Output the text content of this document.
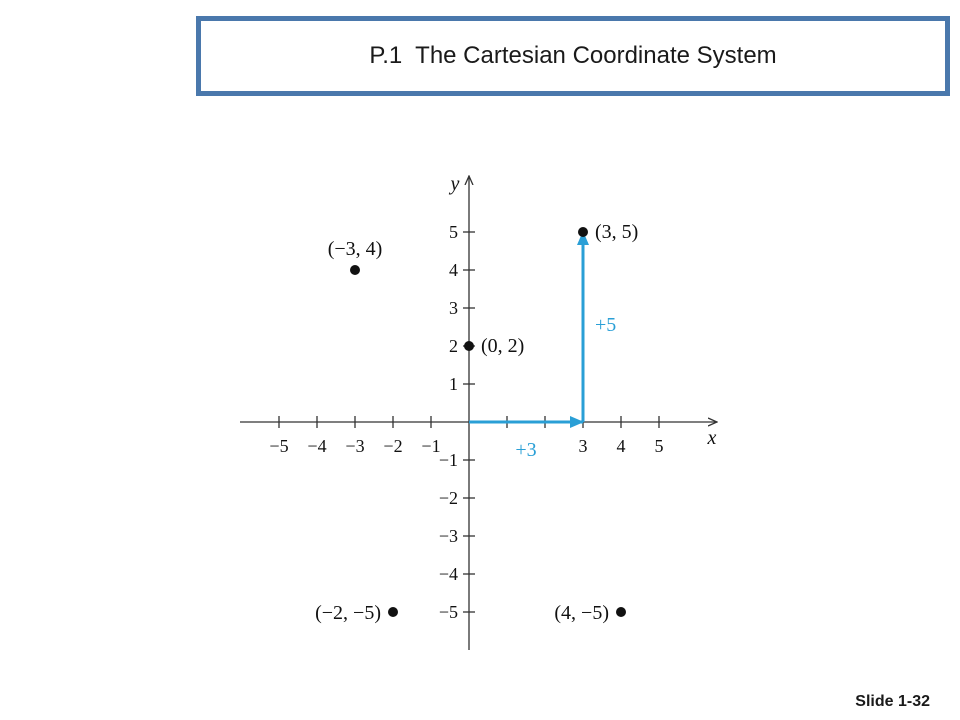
P.1  The Cartesian Coordinate System
x
y
−5 −4 −3 −2 −1	3 4 5
5
4
3
2
1
−1
−2
−3
−4
−5
+3
+5
(−3, 4)
(3, 5)
(0, 2)
(−2, −5)	(4, −5)
Slide 1-32
